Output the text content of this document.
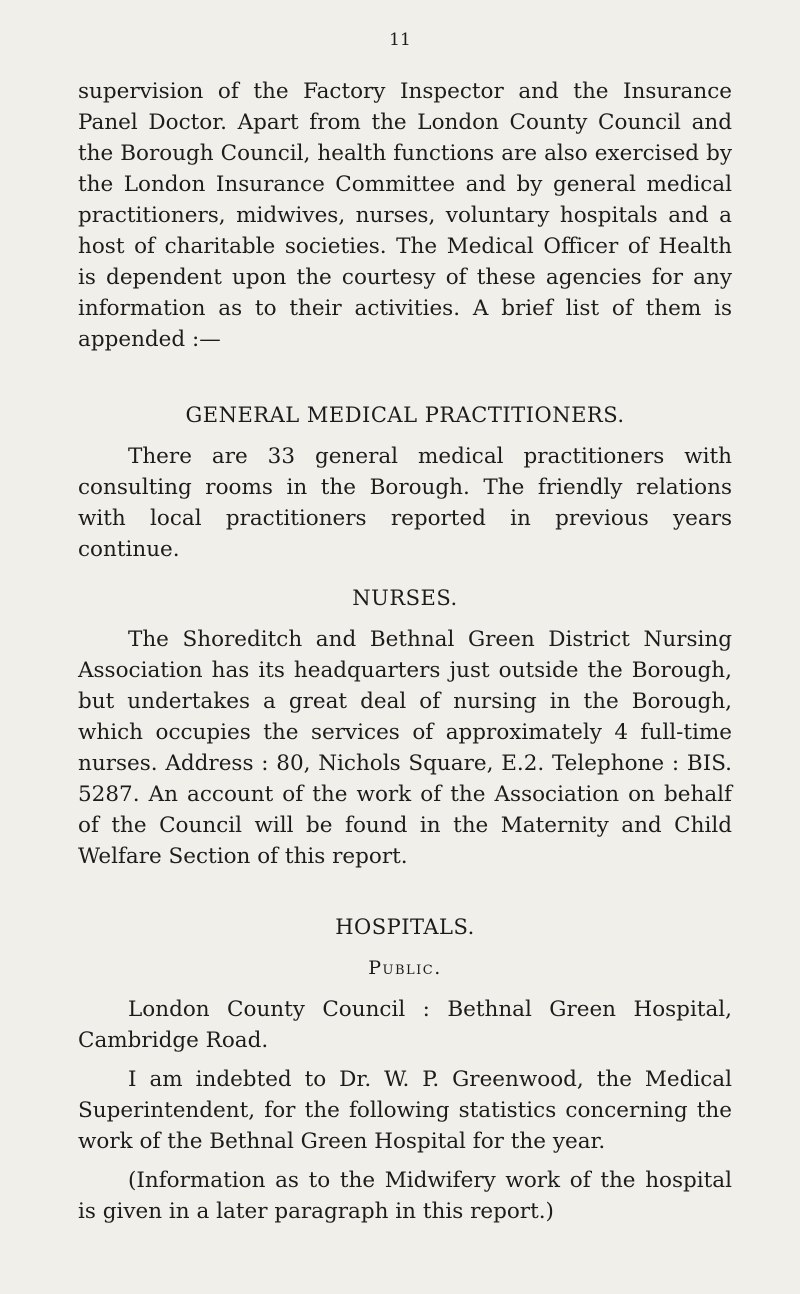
11

supervision of the Factory Inspector and the Insurance Panel Doctor. Apart from the London County Council and the Borough Council, health functions are also exercised by the London Insurance Committee and by general medical practitioners, midwives, nurses, voluntary hospitals and a host of charitable societies. The Medical Officer of Health is dependent upon the courtesy of these agencies for any information as to their activities. A brief list of them is appended :—

GENERAL MEDICAL PRACTITIONERS.

There are 33 general medical practitioners with consulting rooms in the Borough. The friendly relations with local practitioners reported in previous years continue.

NURSES.

The Shoreditch and Bethnal Green District Nursing Association has its headquarters just outside the Borough, but undertakes a great deal of nursing in the Borough, which occupies the services of approximately 4 full-time nurses. Address : 80, Nichols Square, E.2. Telephone : BIS. 5287. An account of the work of the Association on behalf of the Council will be found in the Maternity and Child Welfare Section of this report.

HOSPITALS.
Public.

London County Council : Bethnal Green Hospital, Cambridge Road.

I am indebted to Dr. W. P. Greenwood, the Medical Superintendent, for the following statistics concerning the work of the Bethnal Green Hospital for the year.

(Information as to the Midwifery work of the hospital is given in a later paragraph in this report.)
